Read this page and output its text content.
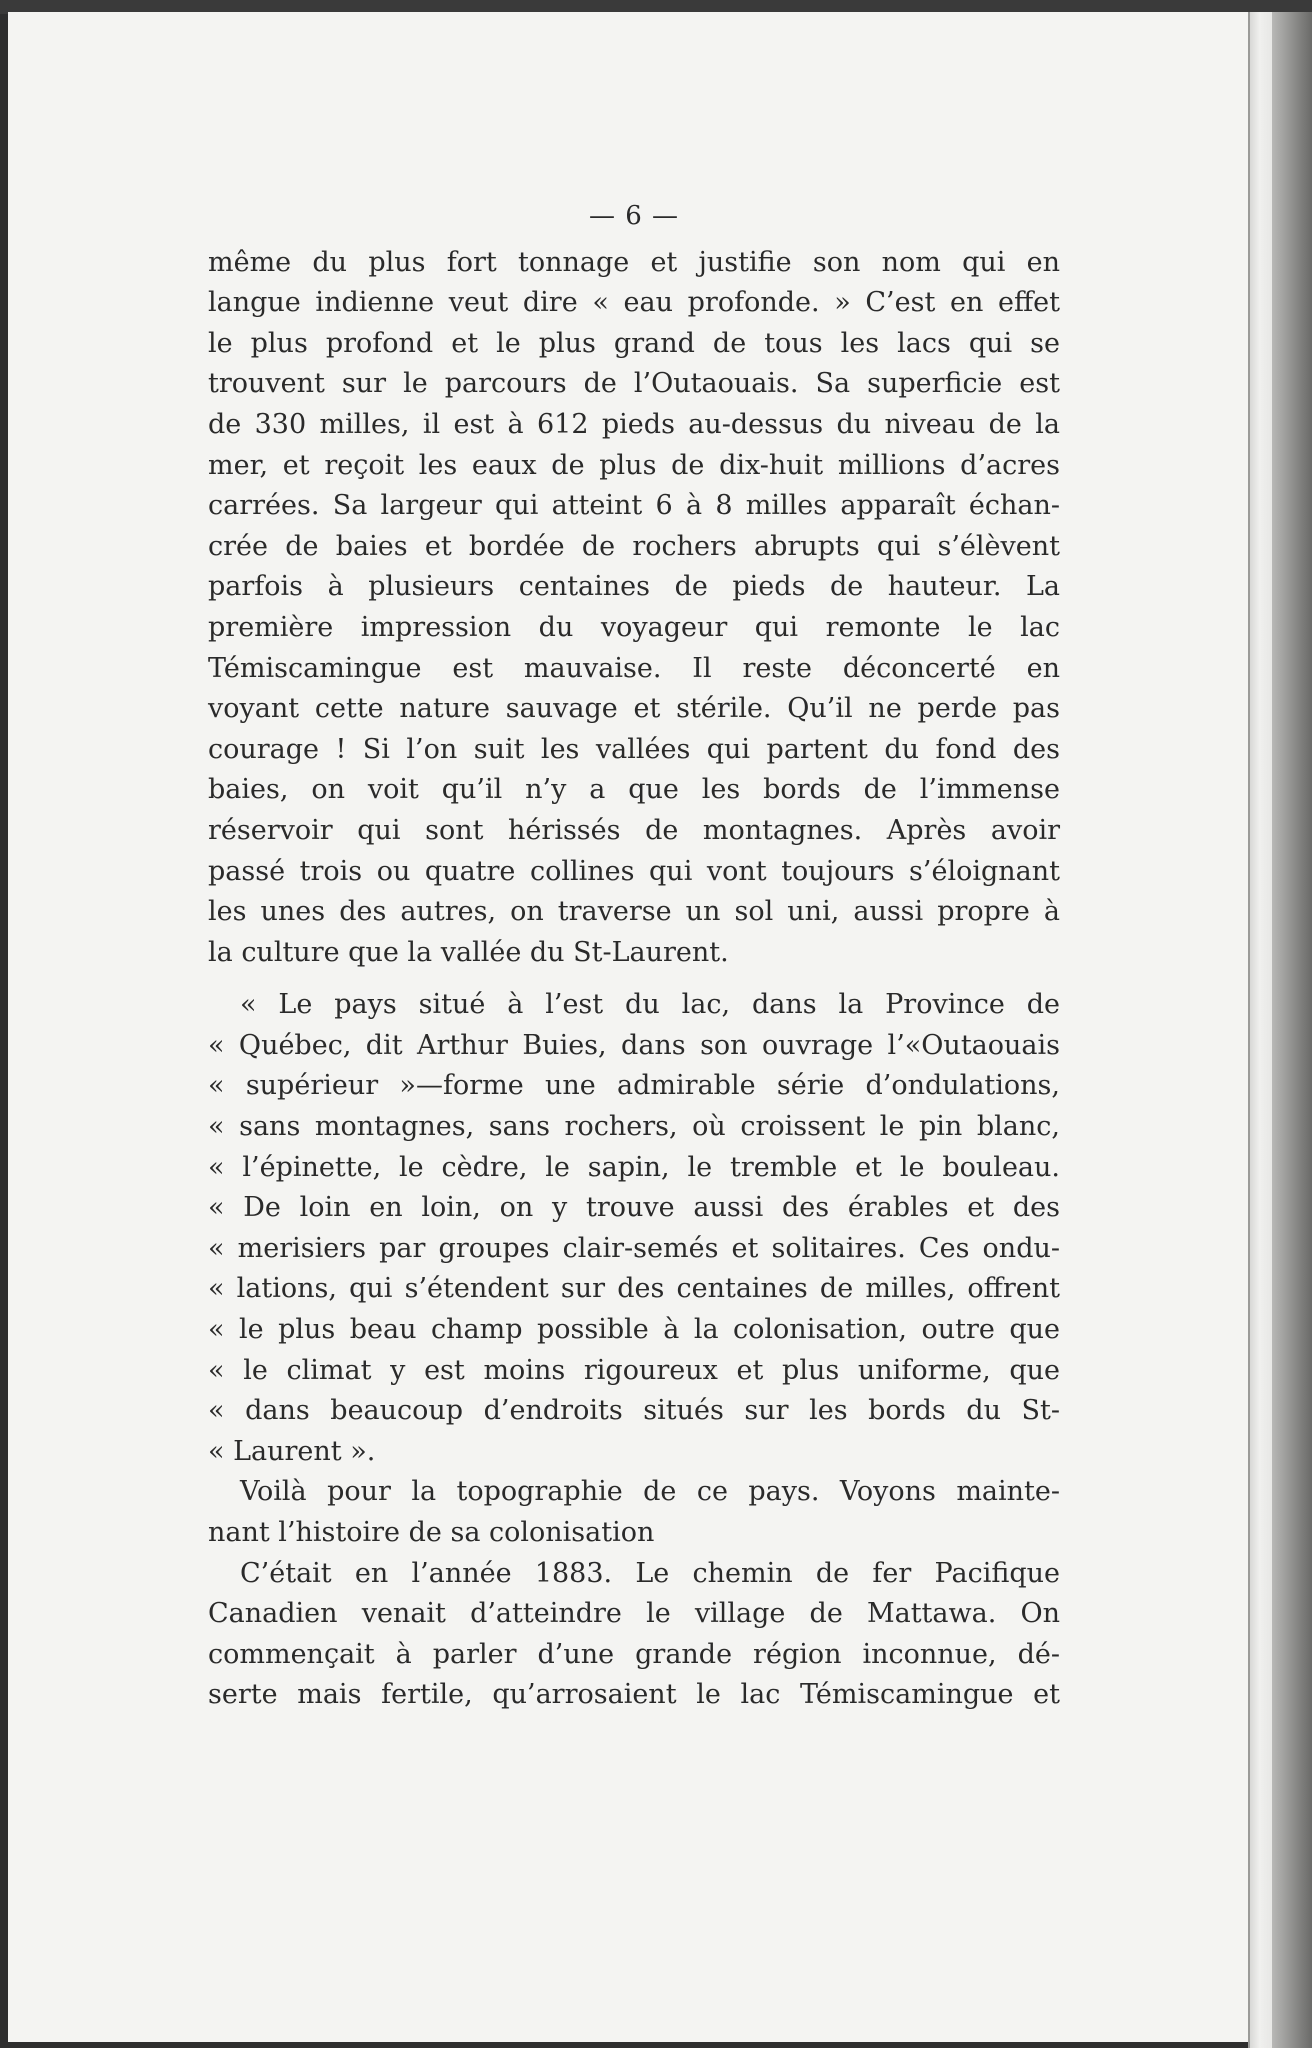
— 6 —
même du plus fort tonnage et justifie son nom qui en
langue indienne veut dire « eau profonde. » C’est en effet
le plus profond et le plus grand de tous les lacs qui se
trouvent sur le parcours de l’Outaouais. Sa superficie est
de 330 milles, il est à 612 pieds au-dessus du niveau de la
mer, et reçoit les eaux de plus de dix-huit millions d’acres
carrées. Sa largeur qui atteint 6 à 8 milles apparaît échan-
crée de baies et bordée de rochers abrupts qui s’élèvent
parfois à plusieurs centaines de pieds de hauteur. La
première impression du voyageur qui remonte le lac
Témiscamingue est mauvaise. Il reste déconcerté en
voyant cette nature sauvage et stérile. Qu’il ne perde pas
courage ! Si l’on suit les vallées qui partent du fond des
baies, on voit qu’il n’y a que les bords de l’immense
réservoir qui sont hérissés de montagnes. Après avoir
passé trois ou quatre collines qui vont toujours s’éloignant
les unes des autres, on traverse un sol uni, aussi propre à
la culture que la vallée du St-Laurent.
« Le pays situé à l’est du lac, dans la Province de
« Québec, dit Arthur Buies, dans son ouvrage l’«Outaouais
« supérieur »—forme une admirable série d’ondulations,
« sans montagnes, sans rochers, où croissent le pin blanc,
« l’épinette, le cèdre, le sapin, le tremble et le bouleau.
« De loin en loin, on y trouve aussi des érables et des
« merisiers par groupes clair-semés et solitaires. Ces ondu-
« lations, qui s’étendent sur des centaines de milles, offrent
« le plus beau champ possible à la colonisation, outre que
« le climat y est moins rigoureux et plus uniforme, que
« dans beaucoup d’endroits situés sur les bords du St-
« Laurent ».
Voilà pour la topographie de ce pays. Voyons mainte-
nant l’histoire de sa colonisation
C’était en l’année 1883. Le chemin de fer Pacifique
Canadien venait d’atteindre le village de Mattawa. On
commençait à parler d’une grande région inconnue, dé-
serte mais fertile, qu’arrosaient le lac Témiscamingue et
